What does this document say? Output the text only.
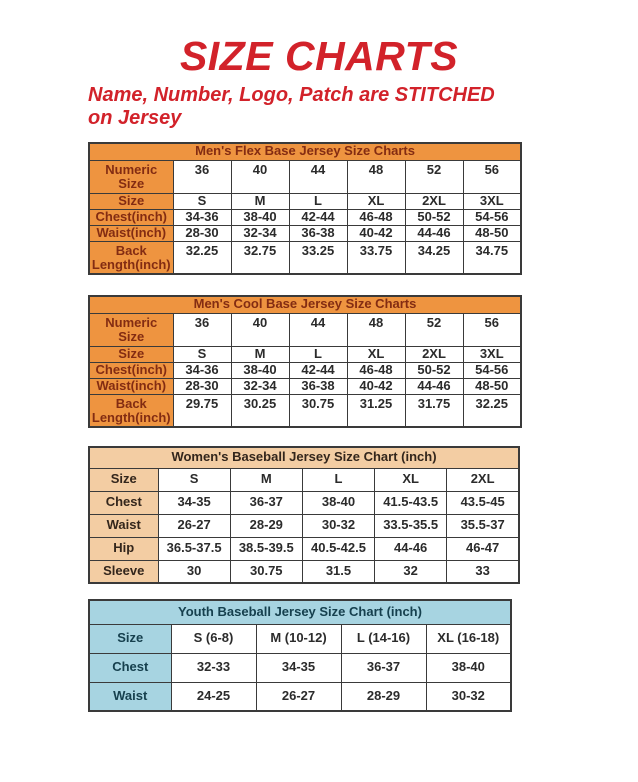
SIZE CHARTS

Name, Number, Logo, Patch are STITCHED
on Jersey

Men's Flex Base Jersey Size Charts						
Numeric Size	36	40	44	48	52	56
Size	S	M	L	XL	2XL	3XL
Chest(inch)	34-36	38-40	42-44	46-48	50-52	54-56
Waist(inch)	28-30	32-34	36-38	40-42	44-46	48-50
Back Length(inch)	32.25	32.75	33.25	33.75	34.25	34.75
Men's Cool Base Jersey Size Charts						
Numeric Size	36	40	44	48	52	56
Size	S	M	L	XL	2XL	3XL
Chest(inch)	34-36	38-40	42-44	46-48	50-52	54-56
Waist(inch)	28-30	32-34	36-38	40-42	44-46	48-50
Back Length(inch)	29.75	30.25	30.75	31.25	31.75	32.25
Women's Baseball Jersey Size Chart (inch)					
Size	S	M	L	XL	2XL
Chest	34-35	36-37	38-40	41.5-43.5	43.5-45
Waist	26-27	28-29	30-32	33.5-35.5	35.5-37
Hip	36.5-37.5	38.5-39.5	40.5-42.5	44-46	46-47
Sleeve	30	30.75	31.5	32	33
Youth Baseball Jersey Size Chart (inch)				
Size	S (6-8)	M (10-12)	L (14-16)	XL (16-18)
Chest	32-33	34-35	36-37	38-40
Waist	24-25	26-27	28-29	30-32
